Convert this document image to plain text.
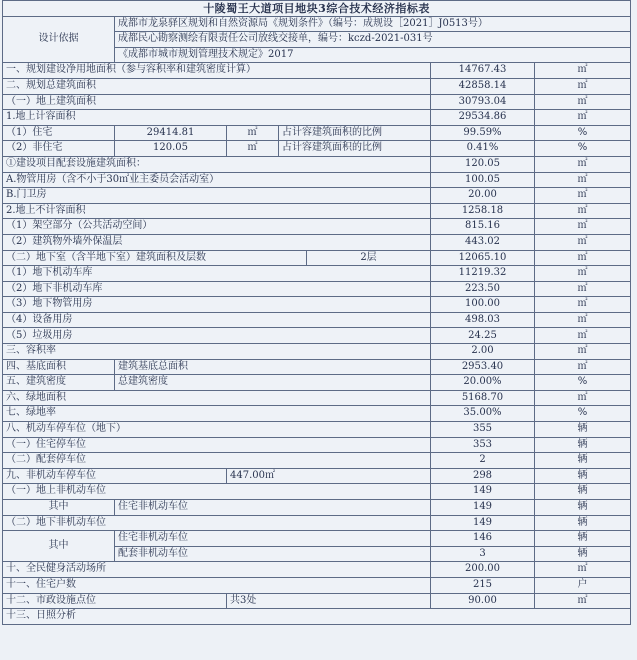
十陵蜀王大道项目地块3综合技术经济指标表						
设计依据	成都市龙泉驿区规划和自然资源局《规划条件》（编号：成规设［2021］J0513号）					
	成都民心勘察测绘有限责任公司放线交接单，编号：kczd-2021-031号					
	《成都市城市规划管理技术规定》2017					
一、规划建设净用地面积（参与容积率和建筑密度计算）					14767.43	㎡
二、规划总建筑面积					42858.14	㎡
（一）地上建筑面积					30793.04	㎡
1.地上计容面积					29534.86	㎡
（1）住宅	29414.81	㎡	占计容建筑面积的比例		99.59%	%
（2）非住宅	120.05	㎡	占计容建筑面积的比例		0.41%	%
①建设项目配套设施建筑面积：					120.05	㎡
A.物管用房（含不小于30㎡业主委员会活动室）					100.05	㎡
B.门卫房					20.00	㎡
2.地上不计容面积					1258.18	㎡
（1）架空部分（公共活动空间）					815.16	㎡
（2）建筑物外墙外保温层					443.02	㎡
（二）地下室（含半地下室）建筑面积及层数				2层	12065.10	㎡
（1）地下机动车库					11219.32	㎡
（2）地下非机动车库					223.50	㎡
（3）地下物管用房					100.00	㎡
（4）设备用房					498.03	㎡
（5）垃圾用房					24.25	㎡
三、容积率					2.00	㎡
四、基底面积	建筑基底总面积				2953.40	㎡
五、建筑密度	总建筑密度				20.00%	%
六、绿地面积					5168.70	㎡
七、绿地率					35.00%	%
八、机动车停车位（地下）					355	辆
（一）住宅停车位					353	辆
（二）配套停车位					2	辆
九、非机动车停车位		447.00㎡			298	辆
（一）地上非机动车位					149	辆
其中	住宅非机动车位				149	辆
（二）地下非机动车位					149	辆
其中	住宅非机动车位				146	辆
	配套非机动车位				3	辆
十、全民健身活动场所					200.00	㎡
十一、住宅户数					215	户
十二、市政设施点位		共3处			90.00	㎡
十三、日照分析						
